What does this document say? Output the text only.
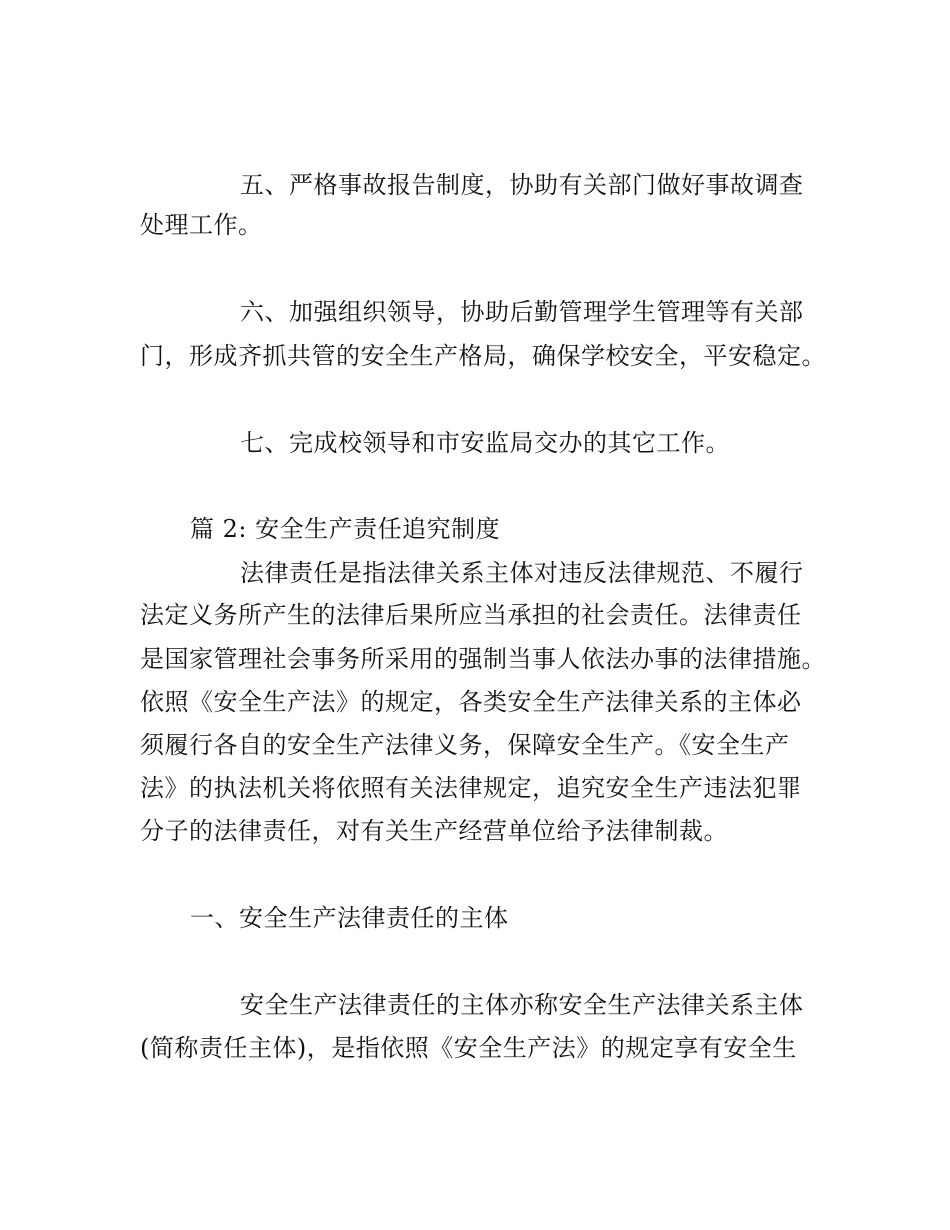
五、严格事故报告制度，协助有关部门做好事故调查
处理工作。
六、加强组织领导，协助后勤管理学生管理等有关部
门，形成齐抓共管的安全生产格局，确保学校安全，平安稳定。
七、完成校领导和市安监局交办的其它工作。
篇 2: 安全生产责任追究制度
法律责任是指法律关系主体对违反法律规范、不履行
法定义务所产生的法律后果所应当承担的社会责任。法律责任
是国家管理社会事务所采用的强制当事人依法办事的法律措施。
依照《安全生产法》的规定，各类安全生产法律关系的主体必
须履行各自的安全生产法律义务，保障安全生产。《安全生产
法》的执法机关将依照有关法律规定，追究安全生产违法犯罪
分子的法律责任，对有关生产经营单位给予法律制裁。
一、安全生产法律责任的主体
安全生产法律责任的主体亦称安全生产法律关系主体
(简称责任主体)，是指依照《安全生产法》的规定享有安全生
